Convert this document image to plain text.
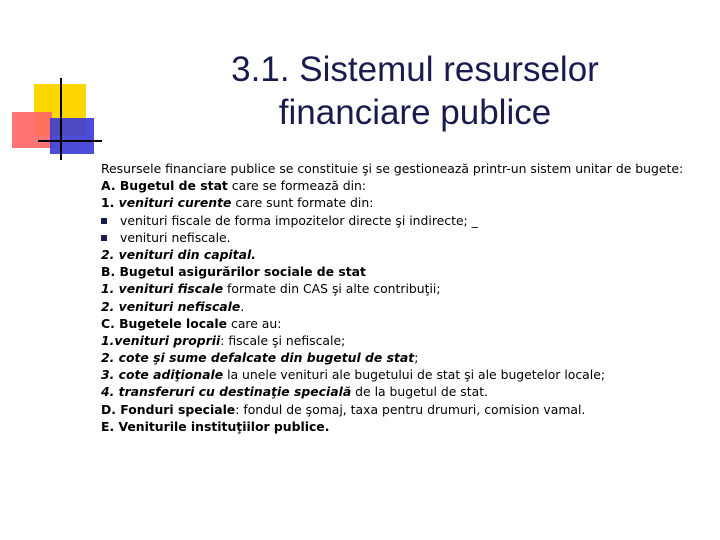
3.1. Sistemul resurselor
financiare publice
Resursele financiare publice se constituie şi se gestionează printr-un sistem unitar de bugete:
A. Bugetul de stat care se formează din:
1. venituri curente care sunt formate din:
venituri fiscale de forma impozitelor directe şi indirecte; _
venituri nefiscale.
2. venituri din capital.
B. Bugetul asigurărilor sociale de stat
1. venituri fiscale formate din CAS şi alte contribuţii;
2. venituri nefiscale.
C. Bugetele locale care au:
1.venituri proprii: fiscale şi nefiscale;
2. cote şi sume defalcate din bugetul de stat;
3. cote adiţionale la unele venituri ale bugetului de stat şi ale bugetelor locale;
4. transferuri cu destinaţie specială de la bugetul de stat.
D. Fonduri speciale: fondul de şomaj, taxa pentru drumuri, comision vamal.
E. Veniturile instituţiilor publice.
